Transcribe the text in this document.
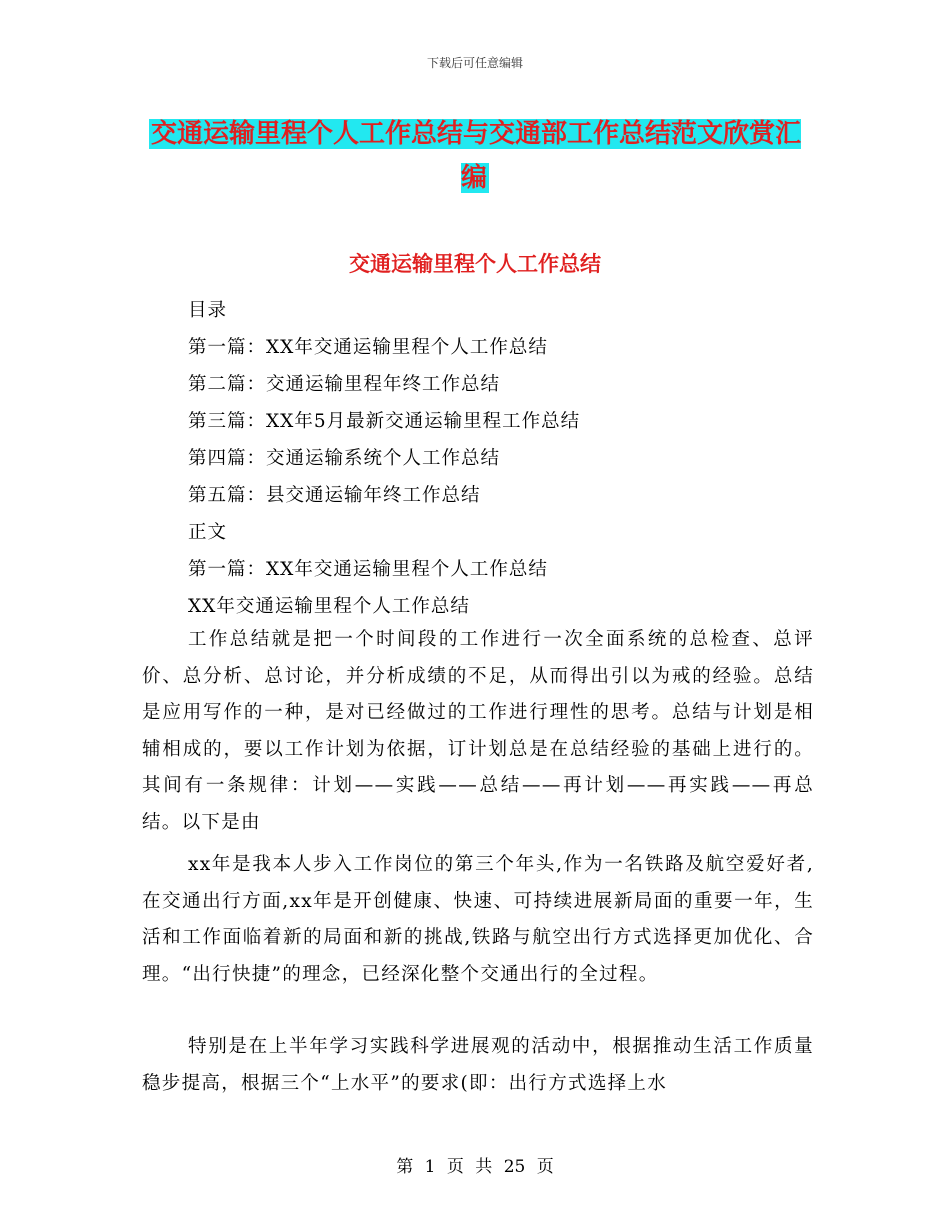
下载后可任意编辑
交通运输里程个人工作总结与交通部工作总结范文欣赏汇编
交通运输里程个人工作总结
目录
第一篇：XX年交通运输里程个人工作总结
第二篇：交通运输里程年终工作总结
第三篇：XX年5月最新交通运输里程工作总结
第四篇：交通运输系统个人工作总结
第五篇：县交通运输年终工作总结
正文
第一篇：XX年交通运输里程个人工作总结
XX年交通运输里程个人工作总结

工作总结就是把一个时间段的工作进行一次全面系统的总检查、总评价、总分析、总讨论，并分析成绩的不足，从而得出引以为戒的经验。总结是应用写作的一种，是对已经做过的工作进行理性的思考。总结与计划是相辅相成的，要以工作计划为依据，订计划总是在总结经验的基础上进行的。其间有一条规律：计划——实践——总结——再计划——再实践——再总结。以下是由

xx年是我本人步入工作岗位的第三个年头,作为一名铁路及航空爱好者,在交通出行方面,xx年是开创健康、快速、可持续进展新局面的重要一年，生活和工作面临着新的局面和新的挑战,铁路与航空出行方式选择更加优化、合理。“出行快捷”的理念，已经深化整个交通出行的全过程。

特别是在上半年学习实践科学进展观的活动中，根据推动生活工作质量稳步提高，根据三个“上水平”的要求(即：出行方式选择上水

第 1 页 共 25 页
